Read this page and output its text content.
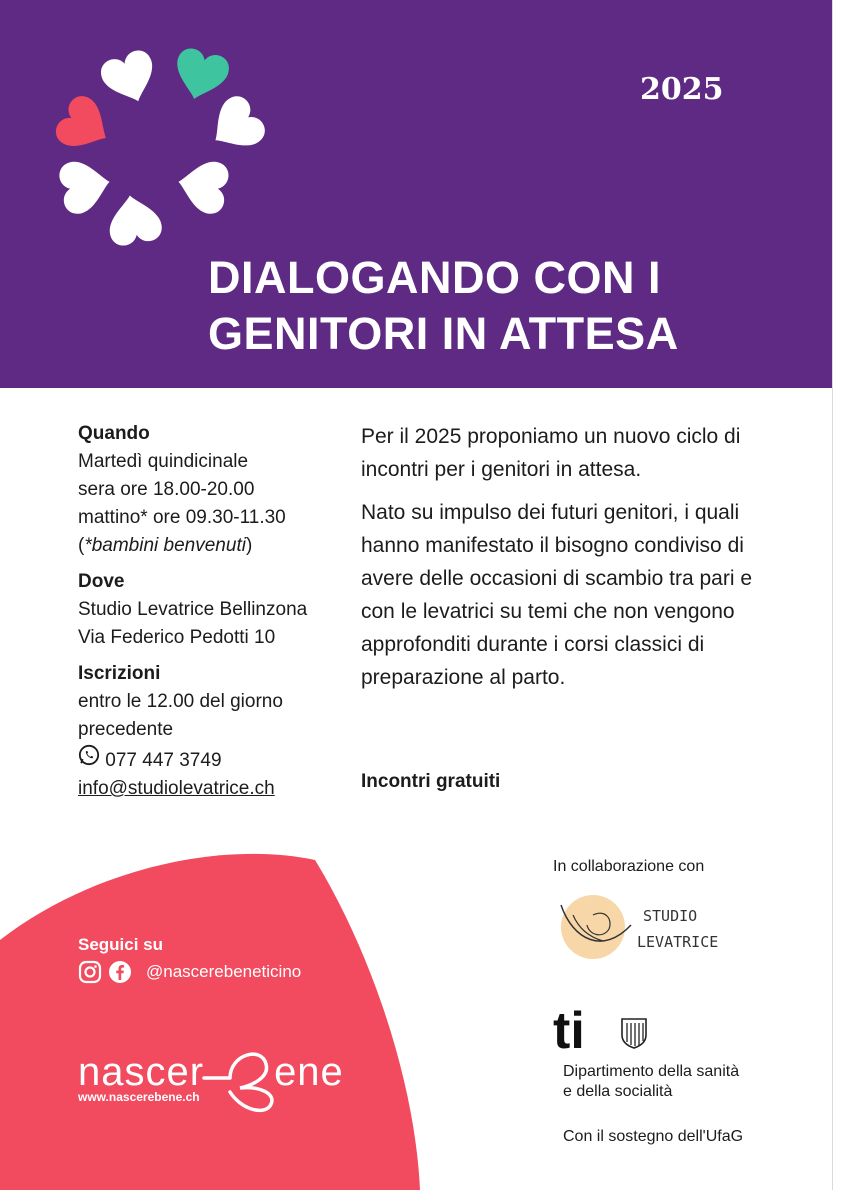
2025
DIALOGANDO CON I
GENITORI IN ATTESA
Quando
Martedì quindicinale
sera ore 18.00-20.00
mattino* ore 09.30-11.30
(*bambini benvenuti)
Dove
Studio Levatrice Bellinzona
Via Federico Pedotti 10
Iscrizioni
entro le 12.00 del giorno
precedente
077 447 3749
info@studiolevatrice.ch

Per il 2025 proponiamo un nuovo ciclo di incontri per i genitori in attesa.

Nato su impulso dei futuri genitori, i quali hanno manifestato il bisogno condiviso di avere delle occasioni di scambio tra pari e con le levatrici su temi che non vengono approfonditi durante i corsi classici di preparazione al parto.

Incontri gratuiti
Seguici su
@nascerebeneticino
nascer ene
www.nascerebene.ch
In collaborazione con
STUDIO
LEVATRICE
ti
Dipartimento della sanità
e della socialità
Con il sostegno dell'UfaG
